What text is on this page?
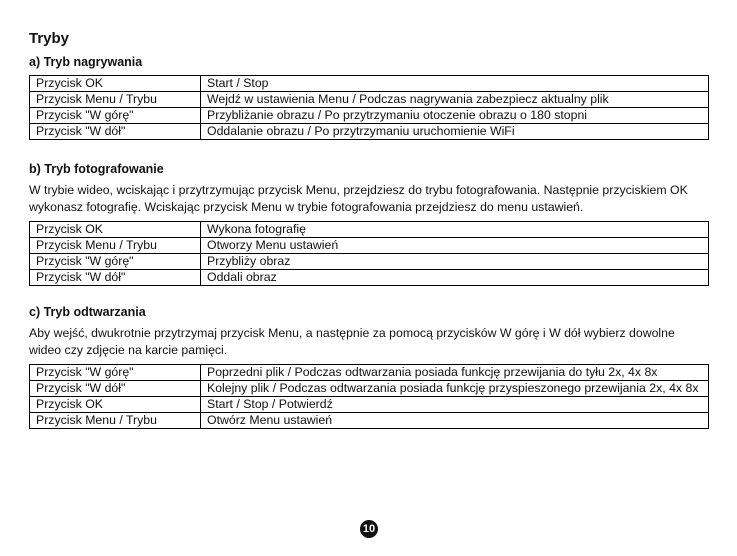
Tryby
a) Tryb nagrywania
Przycisk OK	Start / Stop
Przycisk Menu / Trybu	Wejdź w ustawienia Menu / Podczas nagrywania zabezpiecz aktualny plik
Przycisk "W górę"	Przybliżanie obrazu / Po przytrzymaniu otoczenie obrazu o 180 stopni
Przycisk "W dół"	Oddalanie obrazu / Po przytrzymaniu uruchomienie WiFi
b) Tryb fotografowanie

W trybie wideo, wciskając i przytrzymując przycisk Menu, przejdziesz do trybu fotografowania. Następnie przyciskiem OK wykonasz fotografię. Wciskając przycisk Menu w trybie fotografowania przejdziesz do menu ustawień.

Przycisk OK	Wykona fotografię
Przycisk Menu / Trybu	Otworzy Menu ustawień
Przycisk "W górę"	Przybliży obraz
Przycisk "W dół"	Oddali obraz
c) Tryb odtwarzania

Aby wejść, dwukrotnie przytrzymaj przycisk Menu, a następnie za pomocą przycisków W górę i W dół wybierz dowolne wideo czy zdjęcie na karcie pamięci.

Przycisk "W górę"	Poprzedni plik / Podczas odtwarzania posiada funkcję przewijania do tyłu 2x, 4x 8x
Przycisk "W dół"	Kolejny plik / Podczas odtwarzania posiada funkcję przyspieszonego przewijania 2x, 4x 8x
Przycisk OK	Start / Stop / Potwierdź
Przycisk Menu / Trybu	Otwórz Menu ustawień
10
